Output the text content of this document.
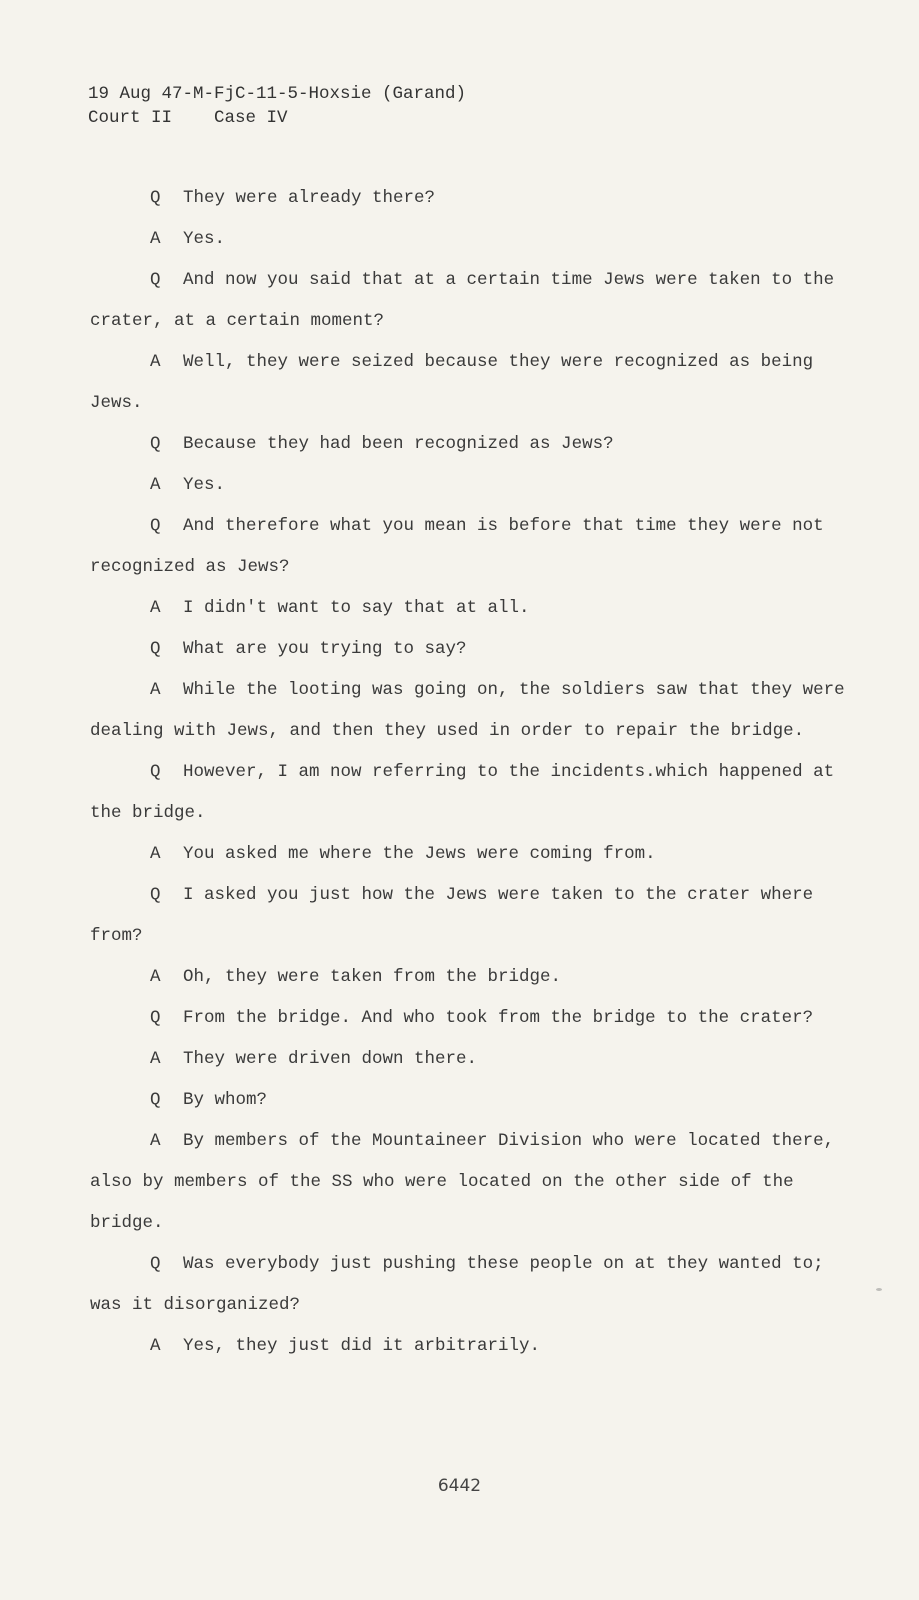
19 Aug 47-M-FjC-11-5-Hoxsie (Garand)
Court II    Case IV

Q They were already there?

A Yes.

Q And now you said that at a certain time Jews were taken to the crater, at a certain moment?

A Well, they were seized because they were recognized as being Jews.

Q Because they had been recognized as Jews?

A Yes.

Q And therefore what you mean is before that time they were not recognized as Jews?

A I didn't want to say that at all.

Q What are you trying to say?

A While the looting was going on, the soldiers saw that they were dealing with Jews, and then they used in order to repair the bridge.

Q However, I am now referring to the incidents.which happened at the bridge.

A You asked me where the Jews were coming from.

Q I asked you just how the Jews were taken to the crater where from?

A Oh, they were taken from the bridge.

Q From the bridge. And who took from the bridge to the crater?

A They were driven down there.

Q By whom?

A By members of the Mountaineer Division who were located there, also by members of the SS who were located on the other side of the bridge.

Q Was everybody just pushing these people on at they wanted to; was it disorganized?

A Yes, they just did it arbitrarily.

6442
